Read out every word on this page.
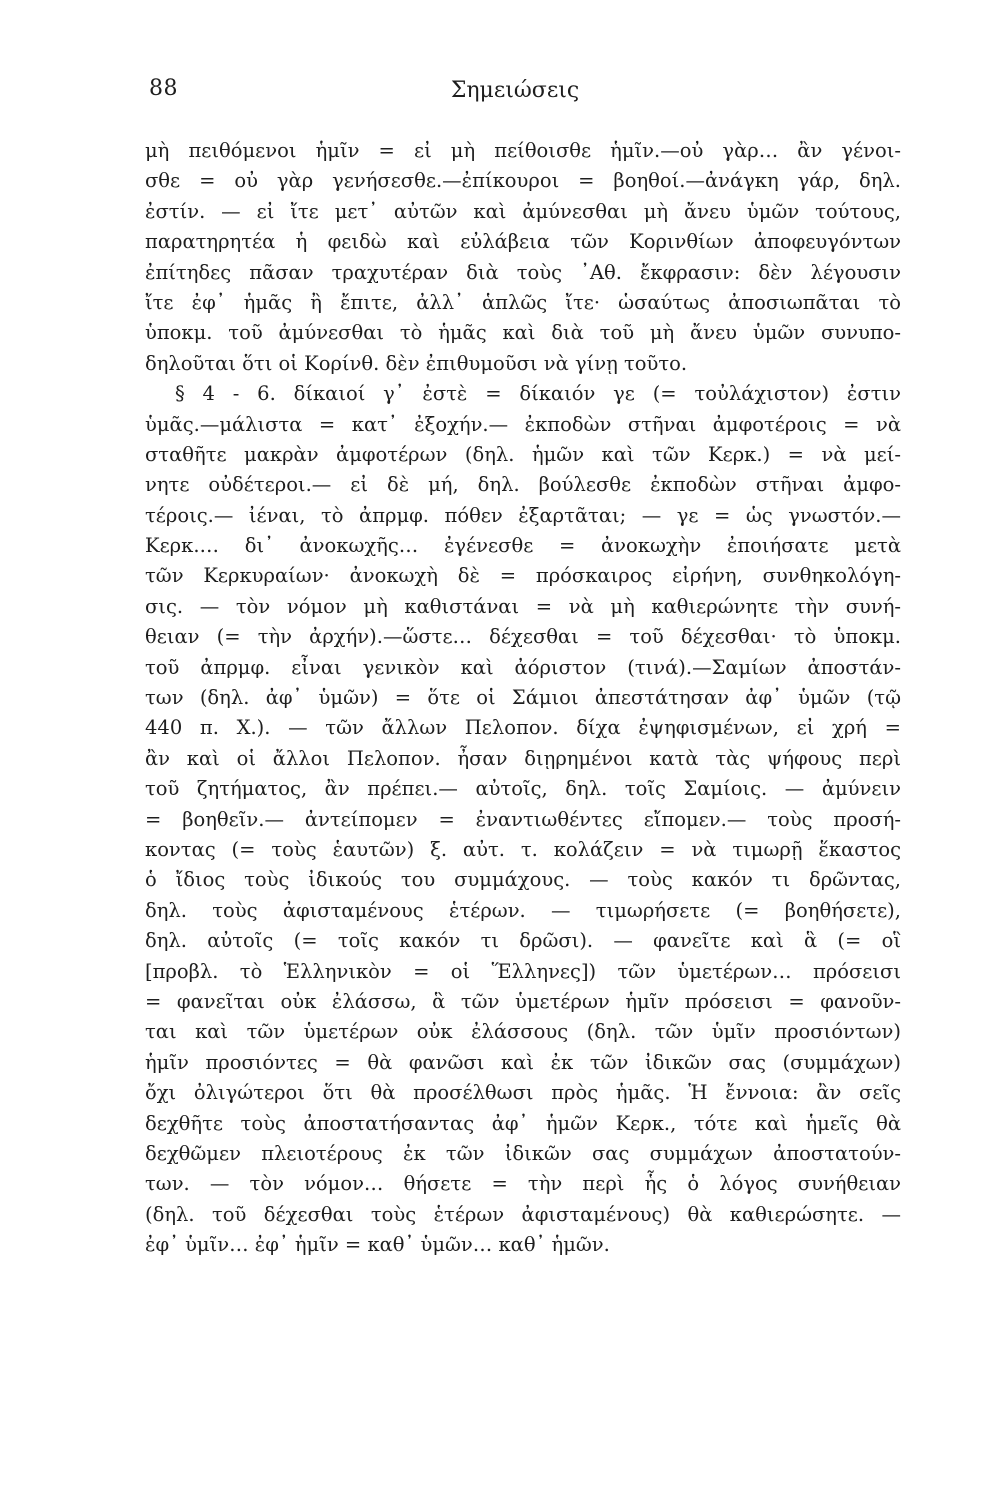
88	Σημειώσεις
μὴ πειθόμενοι ἡμῖν = εἰ μὴ πείθοισθε ἡμῖν.—οὐ γὰρ… ἂν γένοι-
σθε = οὐ γὰρ γενήσεσθε.—ἐπίκουροι = βοηθοί.—ἀνάγκη γάρ, δηλ.
ἐστίν. — εἰ ἴτε μετ᾽ αὐτῶν καὶ ἀμύνεσθαι μὴ ἄνευ ὑμῶν τούτους,
παρατηρητέα ἡ φειδὼ καὶ εὐλάβεια τῶν Κορινθίων ἀποφευγόντων
ἐπίτηδες πᾶσαν τραχυτέραν διὰ τοὺς ᾽Αθ. ἔκφρασιν: δὲν λέγουσιν
ἴτε ἐφ᾽ ἡμᾶς ἢ ἔπιτε, ἀλλ᾽ ἁπλῶς ἴτε· ὡσαύτως ἀποσιωπᾶται τὸ
ὑποκμ. τοῦ ἀμύνεσθαι τὸ ἡμᾶς καὶ διὰ τοῦ μὴ ἄνευ ὑμῶν συνυπο-
δηλοῦται ὅτι οἱ Κορίνθ. δὲν ἐπιθυμοῦσι νὰ γίνῃ τοῦτο.
§ 4 - 6. δίκαιοί γ᾽ ἐστὲ = δίκαιόν γε (= τοὐλάχιστον) ἐστιν
ὑμᾶς.—μάλιστα = κατ᾽ ἐξοχήν.— ἐκποδὼν στῆναι ἀμφοτέροις = νὰ
σταθῆτε μακρὰν ἀμφοτέρων (δηλ. ἡμῶν καὶ τῶν Κερκ.) = νὰ μεί-
νητε οὐδέτεροι.— εἰ δὲ μή, δηλ. βούλεσθε ἐκποδὼν στῆναι ἀμφο-
τέροις.— ἰέναι, τὸ ἀπρμφ. πόθεν ἐξαρτᾶται; — γε = ὡς γνωστόν.—
Κερκ.… δι᾽ ἀνοκωχῆς… ἐγένεσθε = ἀνοκωχὴν ἐποιήσατε μετὰ
τῶν Κερκυραίων· ἀνοκωχὴ δὲ = πρόσκαιρος εἰρήνη, συνθηκολόγη-
σις. — τὸν νόμον μὴ καθιστάναι = νὰ μὴ καθιερώνητε τὴν συνή-
θειαν (= τὴν ἀρχήν).—ὥστε… δέχεσθαι = τοῦ δέχεσθαι· τὸ ὑποκμ.
τοῦ ἀπρμφ. εἶναι γενικὸν καὶ ἀόριστον (τινά).—Σαμίων ἀποστάν-
των (δηλ. ἀφ᾽ ὑμῶν) = ὅτε οἱ Σάμιοι ἀπεστάτησαν ἀφ᾽ ὑμῶν (τῷ
440 π. Χ.). — τῶν ἄλλων Πελοπον. δίχα ἐψηφισμένων, εἰ χρή =
ἂν καὶ οἱ ἄλλοι Πελοπον. ἦσαν διῃρημένοι κατὰ τὰς ψήφους περὶ
τοῦ ζητήματος, ἂν πρέπει.— αὐτοῖς, δηλ. τοῖς Σαμίοις. — ἀμύνειν
= βοηθεῖν.— ἀντείπομεν = ἐναντιωθέντες εἴπομεν.— τοὺς προσή-
κοντας (= τοὺς ἑαυτῶν) ξ. αὐτ. τ. κολάζειν = νὰ τιμωρῇ ἕκαστος
ὁ ἴδιος τοὺς ἰδικούς του συμμάχους. — τοὺς κακόν τι δρῶντας,
δηλ. τοὺς ἀφισταμένους ἑτέρων. — τιμωρήσετε (= βοηθήσετε),
δηλ. αὐτοῖς (= τοῖς κακόν τι δρῶσι). — φανεῖτε καὶ ἃ (= οἳ
[προβλ. τὸ Ἑλληνικὸν = οἱ Ἕλληνες]) τῶν ὑμετέρων… πρόσεισι
= φανεῖται οὐκ ἐλάσσω, ἃ τῶν ὑμετέρων ἡμῖν πρόσεισι = φανοῦν-
ται καὶ τῶν ὑμετέρων οὐκ ἐλάσσους (δηλ. τῶν ὑμῖν προσιόντων)
ἡμῖν προσιόντες = θὰ φανῶσι καὶ ἐκ τῶν ἰδικῶν σας (συμμάχων)
ὄχι ὀλιγώτεροι ὅτι θὰ προσέλθωσι πρὸς ἡμᾶς. Ἡ ἔννοια: ἂν σεῖς
δεχθῆτε τοὺς ἀποστατήσαντας ἀφ᾽ ἡμῶν Κερκ., τότε καὶ ἡμεῖς θὰ
δεχθῶμεν πλειοτέρους ἐκ τῶν ἰδικῶν σας συμμάχων ἀποστατούν-
των. — τὸν νόμον… θήσετε = τὴν περὶ ἧς ὁ λόγος συνήθειαν
(δηλ. τοῦ δέχεσθαι τοὺς ἑτέρων ἀφισταμένους) θὰ καθιερώσητε. —
ἐφ᾽ ὑμῖν… ἐφ᾽ ἡμῖν = καθ᾽ ὑμῶν… καθ᾽ ἡμῶν.
